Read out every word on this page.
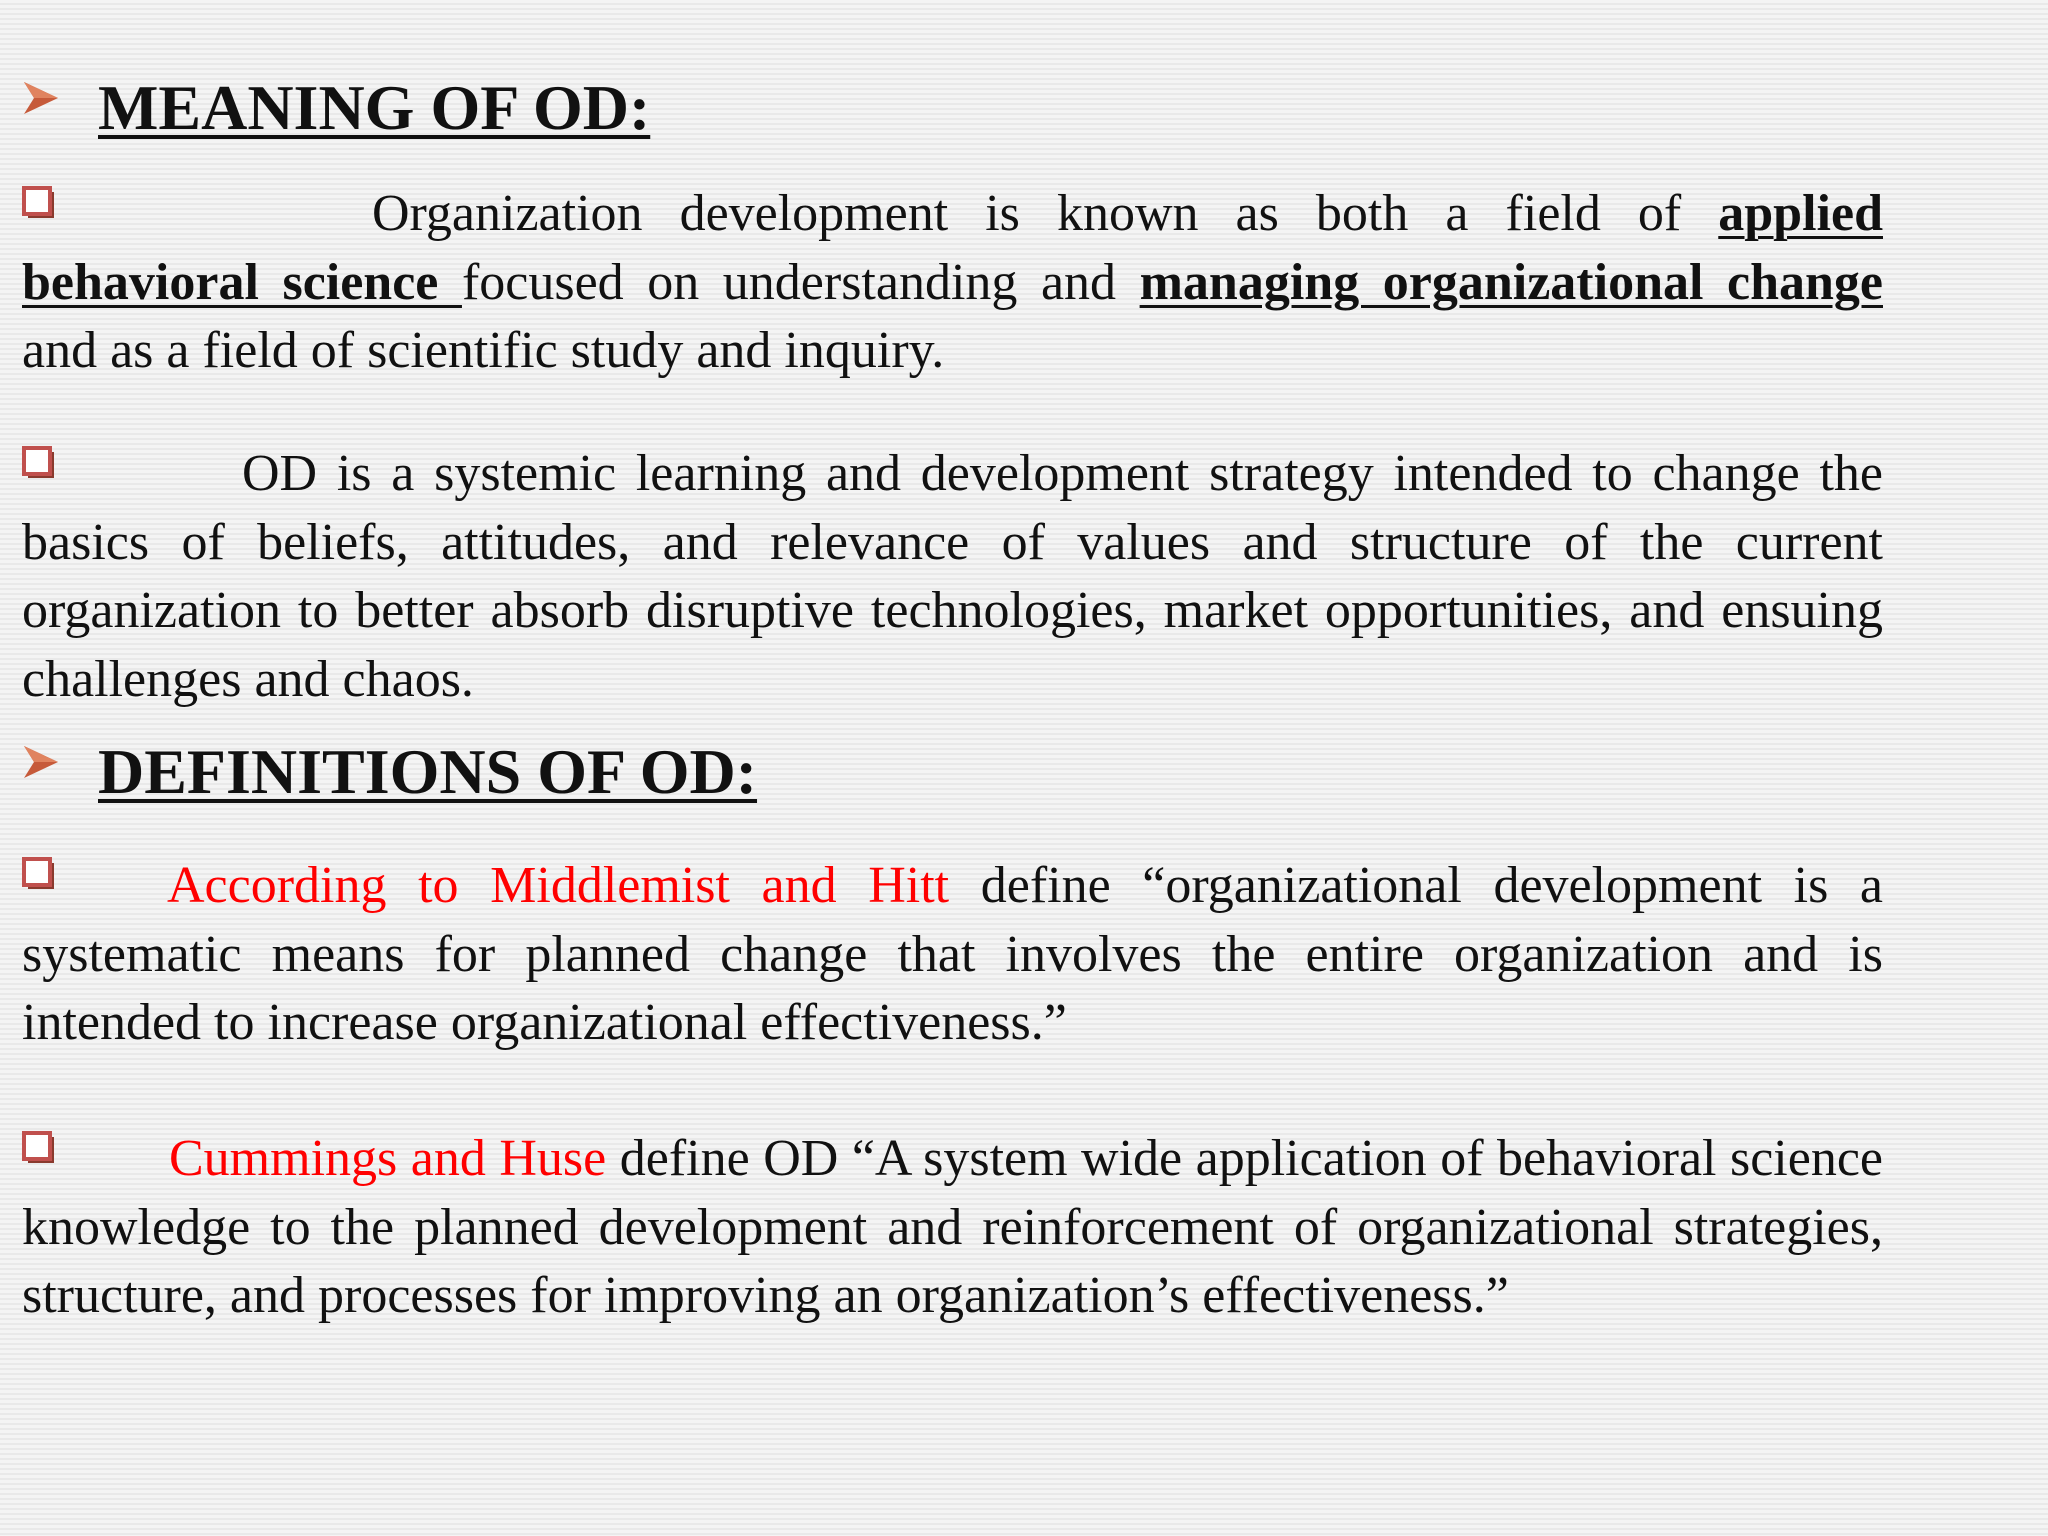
MEANING OF OD:

Organization development is known as both a field of applied behavioral science focused on understanding and managing organizational change and as a field of scientific study and inquiry.

OD is a systemic learning and development strategy intended to change the basics of beliefs, attitudes, and relevance of values and structure of the current organization to better absorb disruptive technologies, market opportunities, and ensuing challenges and chaos.

DEFINITIONS OF OD:

According to Middlemist and Hitt define “organizational development is a systematic means for planned change that involves the entire organization and is intended to increase organizational effectiveness.”

Cummings and Huse define OD “A system wide application of behavioral science knowledge to the planned development and reinforcement of organizational strategies, structure, and processes for improving an organization’s effectiveness.”
